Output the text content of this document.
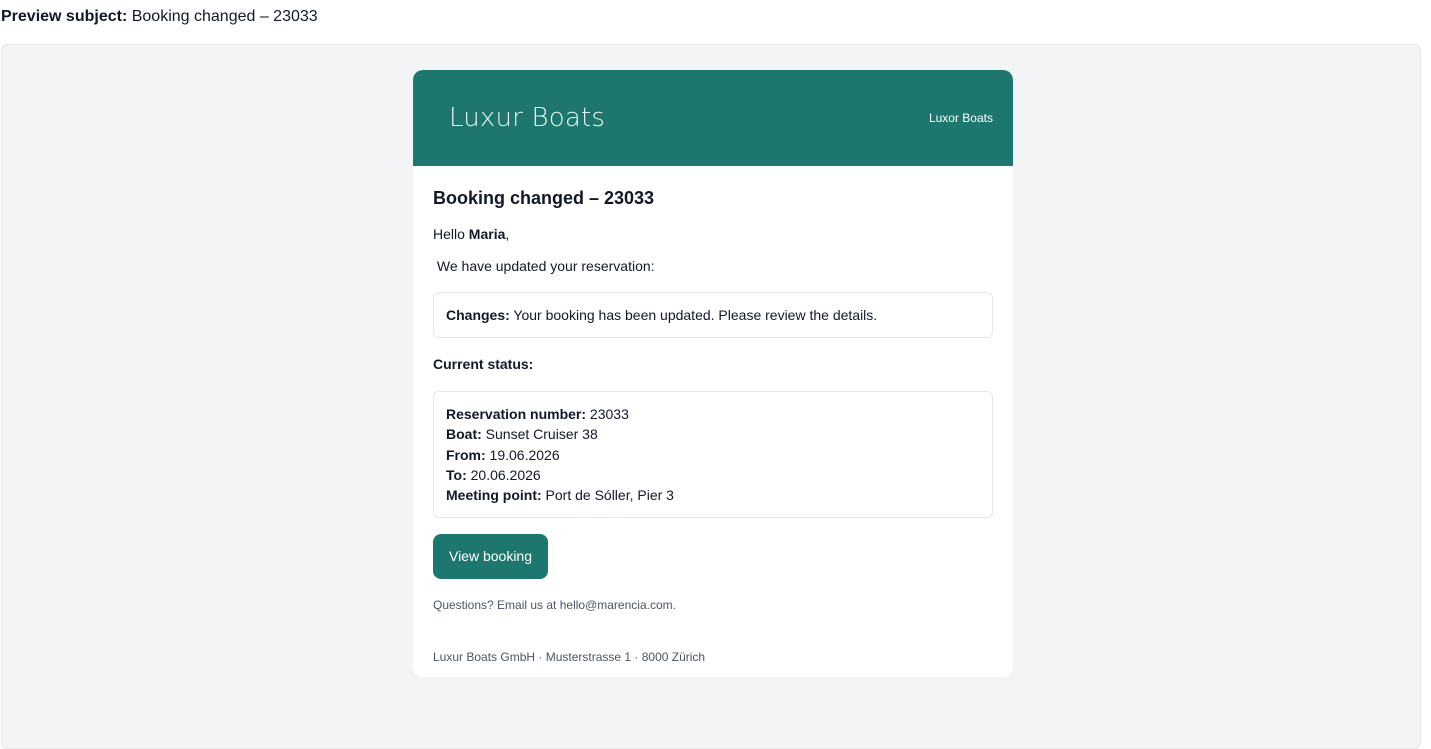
Preview subject: Booking changed – 23033
Luxur Boats	Luxor Boats
Booking changed – 23033
Hello Maria,
We have updated your reservation:
Changes: Your booking has been updated. Please review the details.
Current status:
Reservation number: 23033
Boat: Sunset Cruiser 38
From: 19.06.2026
To: 20.06.2026
Meeting point: Port de Sóller, Pier 3
View booking
Questions? Email us at hello@marencia.com.
Luxur Boats GmbH · Musterstrasse 1 · 8000 Zürich
